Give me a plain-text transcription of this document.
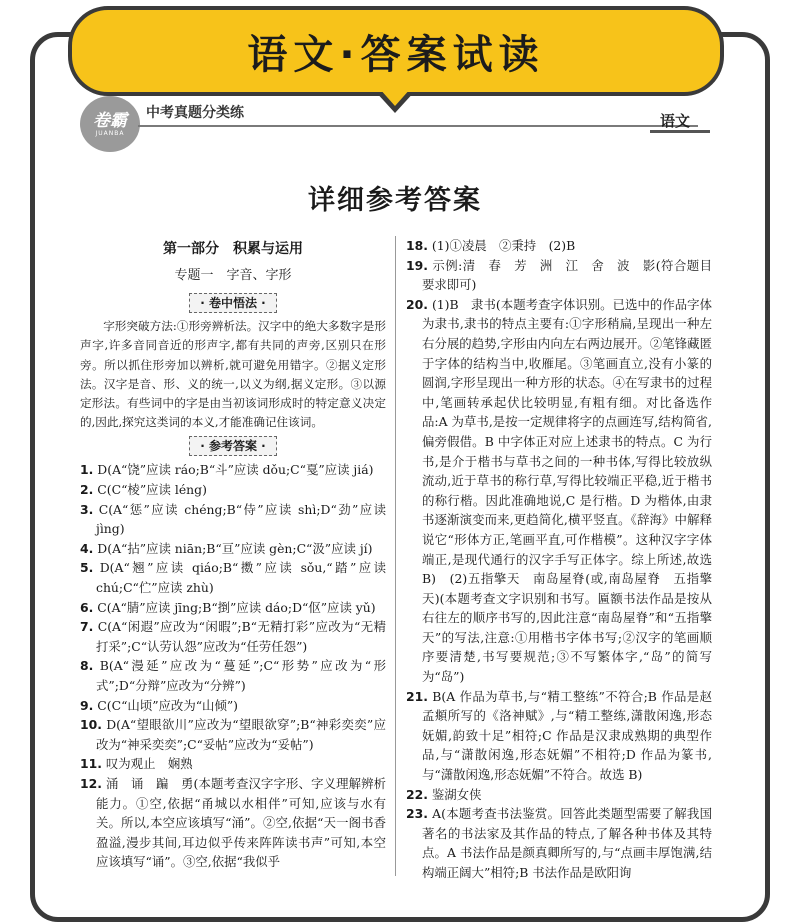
语文·答案试读
卷霸
JUANBA
中考真题分类练	语文
详细参考答案
第一部分　积累与运用
专题一　字音、字形
· 卷中悟法 ·

字形突破方法:①形旁辨析法。汉字中的绝大多数字是形声字,许多音同音近的形声字,都有共同的声旁,区别只在形旁。所以抓住形旁加以辨析,就可避免用错字。②据义定形法。汉字是音、形、义的统一,以义为纲,据义定形。③以源定形法。有些词中的字是由当初该词形成时的特定意义决定的,因此,探究这类词的本义,才能准确记住该词。

· 参考答案 ·

1. D(A“饶”应读 ráo;B“斗”应读 dǒu;C“戛”应读 jiá)

2. C(C“棱”应读 léng)

3. C(A“惩”应读 chéng;B“侍”应读 shì;D“劲”应读 jìng)

4. D(A“拈”应读 niān;B“亘”应读 gèn;C“汲”应读 jí)

5. D(A“翘”应读 qiáo;B“擞”应读 sǒu,“踏”应读 chú;C“伫”应读 zhù)

6. C(A“腈”应读 jīng;B“捯”应读 dáo;D“伛”应读 yǔ)

7. C(A“闲遐”应改为“闲暇”;B“无精打彩”应改为“无精打采”;C“认劳认怨”应改为“任劳任怨”)

8. B(A“漫延”应改为“蔓延”;C“形势”应改为“形式”;D“分辩”应改为“分辨”)

9. C(C“山顷”应改为“山倾”)

10. D(A“望眼欲川”应改为“望眼欲穿”;B“神彩奕奕”应改为“神采奕奕”;C“妥帖”应改为“妥帖”)

11. 叹为观止　娴熟

12. 涌　诵　蹁　勇(本题考查汉字字形、字义理解辨析能力。①空,依据“甬城以水相伴”可知,应该与水有关。所以,本空应该填写“涌”。②空,依据“天一阁书香盈溢,漫步其间,耳边似乎传来阵阵读书声”可知,本空应该填写“诵”。③空,依据“我似乎

18. (1)①凌晨　②秉持　(2)B

19. 示例:清　春　芳　洲　江　舍　波　影(符合题目要求即可)

20. (1)B　隶书(本题考查字体识别。已选中的作品字体为隶书,隶书的特点主要有:①字形稍扁,呈现出一种左右分展的趋势,字形由内向左右两边展开。②笔锋藏匿于字体的结构当中,收雁尾。③笔画直立,没有小篆的圆润,字形呈现出一种方形的状态。④在写隶书的过程中,笔画转承起伏比较明显,有粗有细。对比备选作品:A 为草书,是按一定规律将字的点画连写,结构简省,偏旁假借。B 中字体正对应上述隶书的特点。C 为行书,是介于楷书与草书之间的一种书体,写得比较放纵流动,近于草书的称行草,写得比较端正平稳,近于楷书的称行楷。因此准确地说,C 是行楷。D 为楷体,由隶书逐渐演变而来,更趋简化,横平竖直。《辞海》中解释说它“形体方正,笔画平直,可作楷模”。这种汉字字体端正,是现代通行的汉字手写正体字。综上所述,故选 B)　(2)五指擎天　南岛屋脊(或,南岛屋脊　五指擎天)(本题考查文字识别和书写。匾额书法作品是按从右往左的顺序书写的,因此注意“南岛屋脊”和“五指擎天”的写法,注意:①用楷书字体书写;②汉字的笔画顺序要清楚,书写要规范;③不写繁体字,“岛”的简写为“岛”)

21. B(A 作品为草书,与“精工整练”不符合;B 作品是赵孟頫所写的《洛神赋》,与“精工整练,潇散闲逸,形态妩媚,韵致十足”相符;C 作品是汉隶成熟期的典型作品,与“潇散闲逸,形态妩媚”不相符;D 作品为篆书,与“潇散闲逸,形态妩媚”不符合。故选 B)

22. 鉴湖女侠

23. A(本题考查书法鉴赏。回答此类题型需要了解我国著名的书法家及其作品的特点,了解各种书体及其特点。A 书法作品是颜真卿所写的,与“点画丰厚饱满,结构端正阔大”相符;B 书法作品是欧阳询
